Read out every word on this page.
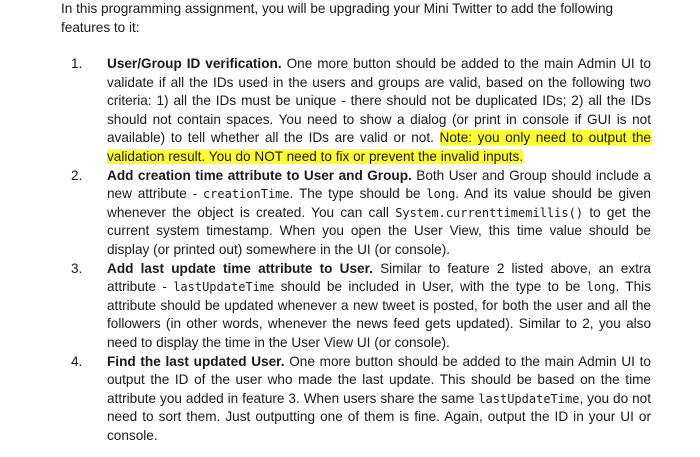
In this programming assignment, you will be upgrading your Mini Twitter to add the following features to it:

1. User/Group ID verification. One more button should be added to the main Admin UI to validate if all the IDs used in the users and groups are valid, based on the following two criteria: 1) all the IDs must be unique - there should not be duplicated IDs; 2) all the IDs should not contain spaces. You need to show a dialog (or print in console if GUI is not available) to tell whether all the IDs are valid or not. Note: you only need to output the validation result. You do NOT need to fix or prevent the invalid inputs.
2. Add creation time attribute to User and Group. Both User and Group should include a new attribute - creationTime. The type should be long. And its value should be given whenever the object is created. You can call System.currenttimemillis() to get the current system timestamp. When you open the User View, this time value should be display (or printed out) somewhere in the UI (or console).
3. Add last update time attribute to User. Similar to feature 2 listed above, an extra attribute - lastUpdateTime should be included in User, with the type to be long. This attribute should be updated whenever a new tweet is posted, for both the user and all the followers (in other words, whenever the news feed gets updated). Similar to 2, you also need to display the time in the User View UI (or console).
4. Find the last updated User. One more button should be added to the main Admin UI to output the ID of the user who made the last update. This should be based on the time attribute you added in feature 3. When users share the same lastUpdateTime, you do not need to sort them. Just outputting one of them is fine. Again, output the ID in your UI or console.
